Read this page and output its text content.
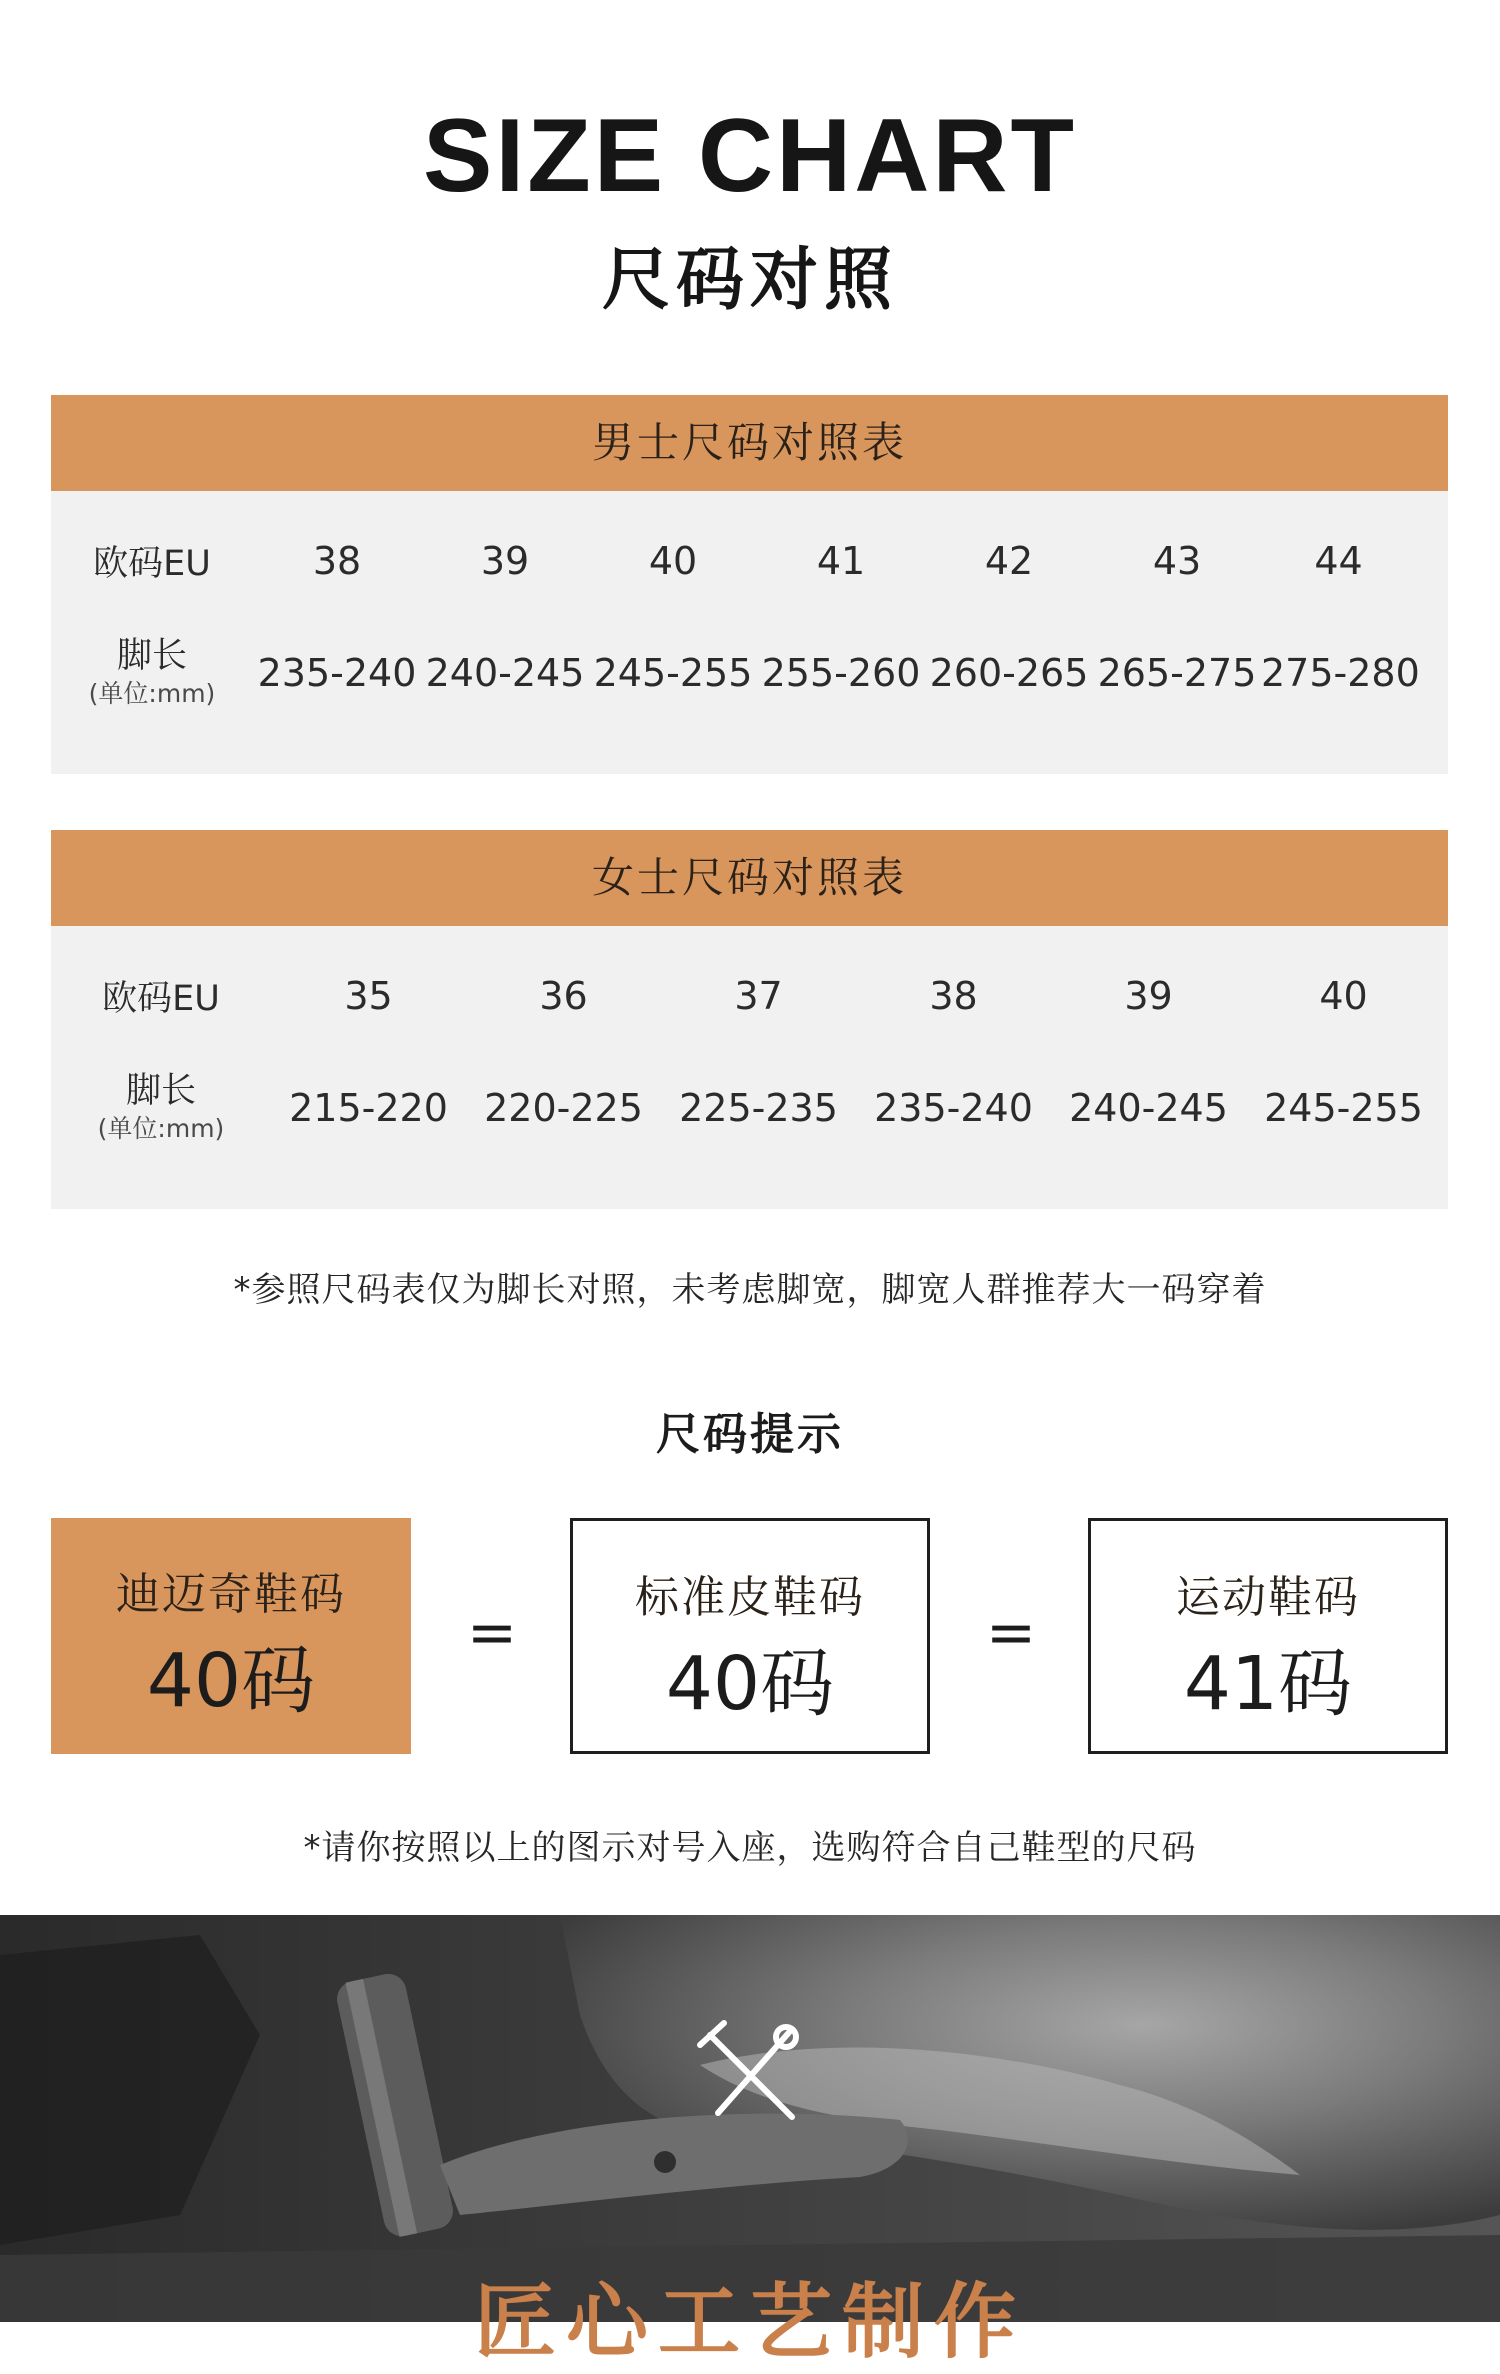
SIZE CHART
尺码对照
男士尺码对照表
欧码EU	38	39	40	41	42	43	44
脚长
(单位:mm)	235-240 240-245 245-255 255-260 260-265 265-275 275-280
女士尺码对照表
欧码EU	35	36	37	38	39	40
脚长
(单位:mm)	215-220 220-225 225-235 235-240 240-245 245-255
*参照尺码表仅为脚长对照，未考虑脚宽，脚宽人群推荐大一码穿着
尺码提示
迪迈奇鞋码
40码
=
标准皮鞋码
40码
=
运动鞋码
41码
*请你按照以上的图示对号入座，选购符合自己鞋型的尺码
匠心工艺制作
